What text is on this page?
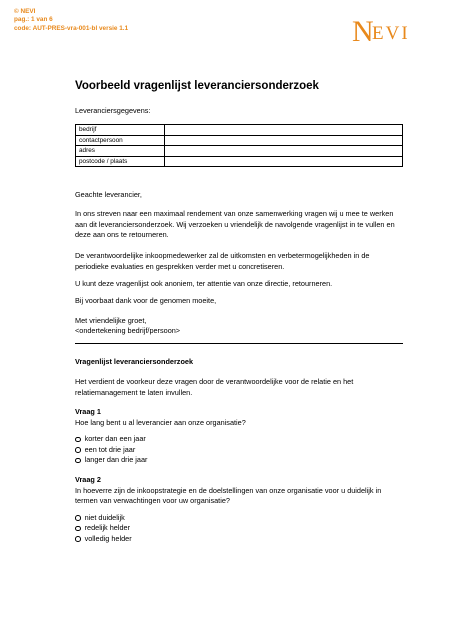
© NEVI
pag.: 1 van 6
code: AUT-PRES-vra-001-bl versie 1.1	N
EVI
Voorbeeld vragenlijst leveranciersonderzoek
Leveranciersgegevens:
bedrijf	
contactpersoon	
adres	
postcode / plaats	
Geachte leverancier,
In ons streven naar een maximaal rendement van onze samenwerking vragen wij u mee te werken aan dit leveranciersonderzoek. Wij verzoeken u vriendelijk de navolgende vragenlijst in te vullen en deze aan ons te retourneren.
De verantwoordelijke inkoopmedewerker zal de uitkomsten en verbetermogelijkheden in de periodieke evaluaties en gesprekken verder met u concretiseren.
U kunt deze vragenlijst ook anoniem, ter attentie van onze directie, retourneren.
Bij voorbaat dank voor de genomen moeite,
Met vriendelijke groet,
<ondertekening bedrijf/persoon>
Vragenlijst leveranciersonderzoek
Het verdient de voorkeur deze vragen door de verantwoordelijke voor de relatie en het relatiemanagement te laten invullen.
Vraag 1
Hoe lang bent u al leverancier aan onze organisatie?
korter dan een jaar
een tot drie jaar
langer dan drie jaar
Vraag 2
In hoeverre zijn de inkoopstrategie en de doelstellingen van onze organisatie voor u duidelijk in termen van verwachtingen voor uw organisatie?
niet duidelijk
redelijk helder
volledig helder
